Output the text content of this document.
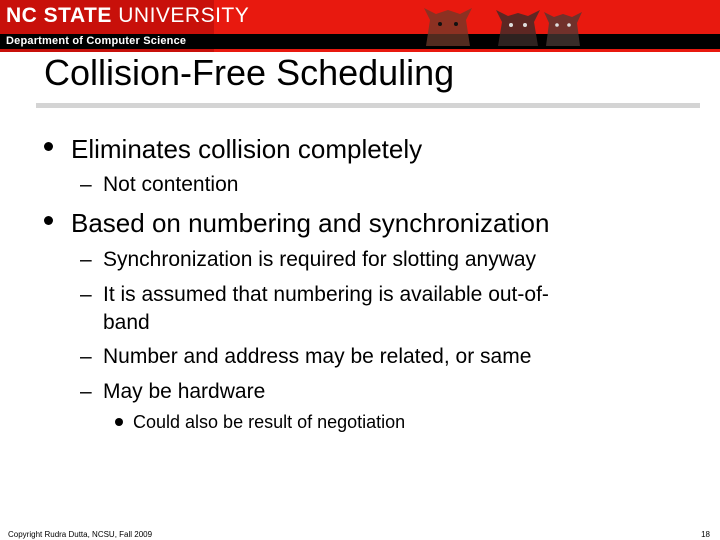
NC STATE UNIVERSITY
Department of Computer Science
Collision-Free Scheduling
Eliminates collision completely
– Not contention
Based on numbering and synchronization
– Synchronization is required for slotting anyway
– It is assumed that numbering is available out-of-band
– Number and address may be related, or same
– May be hardware
Could also be result of negotiation
Copyright Rudra Dutta, NCSU, Fall 2009	18
